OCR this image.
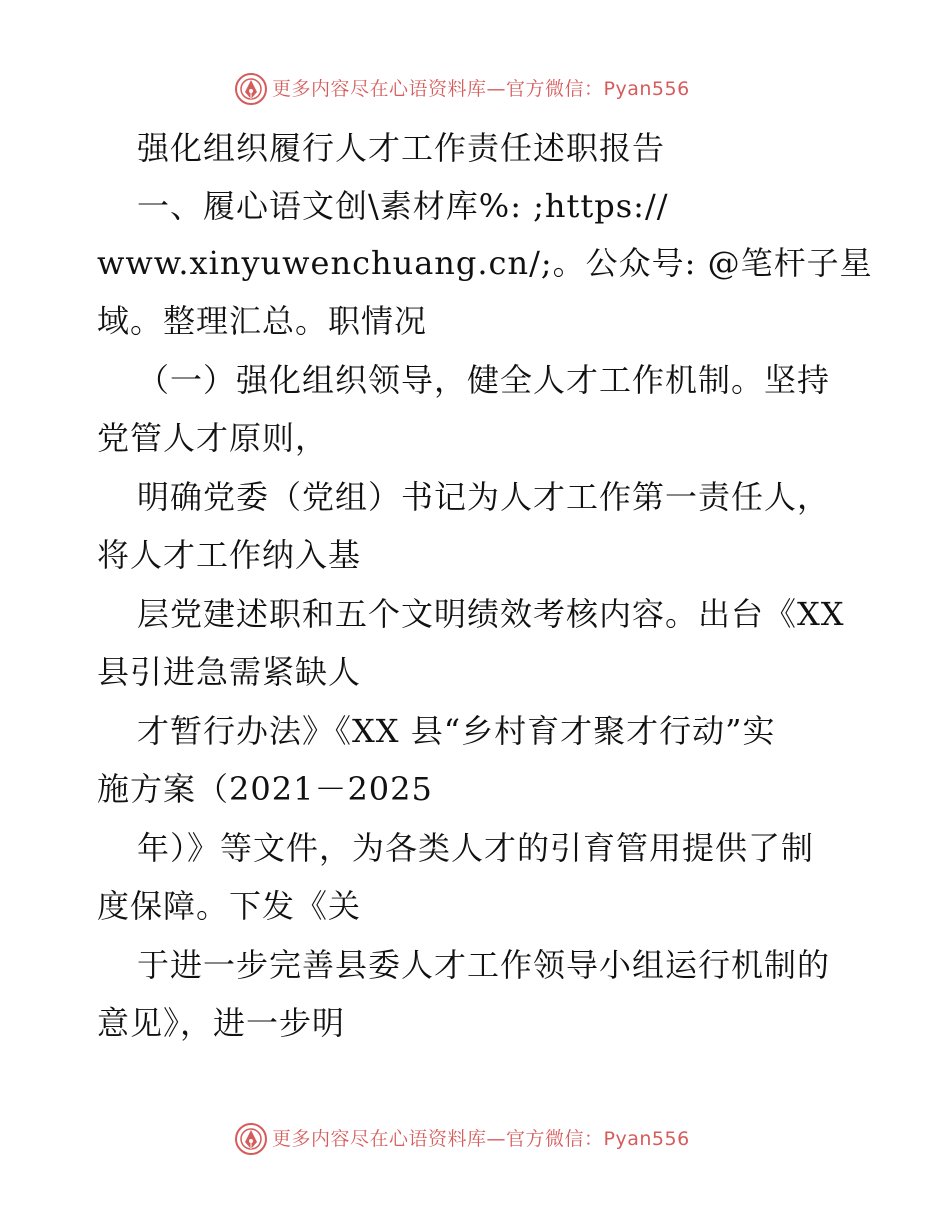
更多内容尽在心语资料库—官方微信：Pyan556
强化组织履行人才工作责任述职报告
一、履心语文创\素材库%: ;https://
www.xinyuwenchuang.cn/;。公众号: @笔杆子星
域。整理汇总。职情况
（一）强化组织领导，健全人才工作机制。坚持
党管人才原则，
明确党委（党组）书记为人才工作第一责任人，
将人才工作纳入基
层党建述职和五个文明绩效考核内容。出台《XX
县引进急需紧缺人
才暂行办法》《XX 县“乡村育才聚才行动”实
施方案（2021－2025
年）》等文件，为各类人才的引育管用提供了制
度保障。下发《关
于进一步完善县委人才工作领导小组运行机制的
意见》，进一步明
更多内容尽在心语资料库—官方微信：Pyan556
